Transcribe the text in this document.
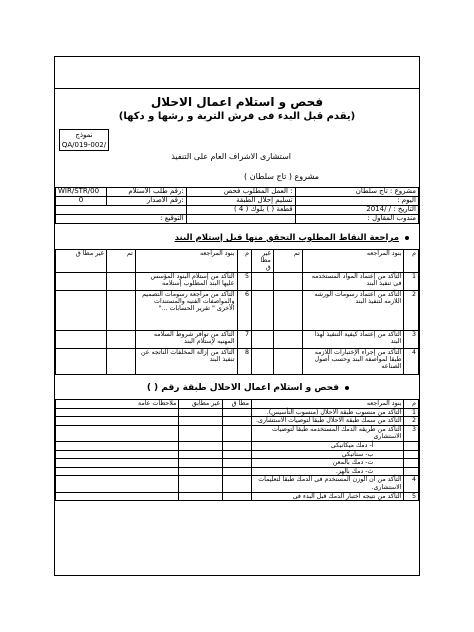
فحص و استلام اعمال الاحلال
(يقدم قبل البدء فى فرش التربة و رشها و دكها)
نموذج
QA/019-002/
استشارى الاشراف العام على التنفيذ
مشروع ( تاج سلطان )
مشروع : تاج سلطان	: العمل المطلوب فحص	:رقم طلب الاستلام	WIR/STR/00
اليوم :	تسليم إحلال الطبقة	:رقم الاصدار	0
التاريخ : / /2014	قطعة ( ) بلوك ( 4 )		
مندوب المقاول :		التوقيع :	
مراجعة النقاط المطلوب التحقق منها قبل إستلام البند
م	بنود المراجعه	تم	غير مطا ق	م	بنود المراجعه	تم	غير مطا ق
1	التأكد من إعتماد المواد المستخدمه فى تنفيذ البند			5	التأكد من إستلام البنود المؤسس عليها البند المطلوب إستلامه		
2	التأكد من اعتماد رسومات الورشه اللازمه لتنفيذ البند			6	التأكد من مراجعة رسومات التصميم والمواصفات الفنيه والمستندات الأخرى " تقرير الحسابات ..."		
3	التأكد من إعتماد كيفية التنفيذ لهذا البند			7	التأكد من توافر شروط السلامه المهنيه لإستلام البند		
4	التأكد من إجراء الإختبارات اللازمه طبقا لمواصفة البند وحسب أصول الصناعه			8	التأكد من إزالة المخلفات الناتجه عن تنفيذ البند		
فحص و استلام اعمال الاحلال طبقة رقم ( )
م	بنود المراجعه	مطا ق	غير مطابق	ملاحظات عامة
1	التأكد من منسوب طبقة الاحلال (منسوب التأسيس).			
2	التأكد من سمك طبقة الاحلال طبقا لتوصيات الاستشارى.			
3	التأكد من طريقه الدمك المستخدمه طبقا لتوصيات الاستشارى			
	أ- دمك ميكانيكى			
	ب- ستاتيكى			
	ت- دمك بالمعن			
	ث- دمك بالهز.			
4	التأكد من ان الوزن المستخدم فى الدمك طبقا لتعليمات الاستشارى.			
5	التأكد من نتيجه اختبار الدمك قبل البدء فى			
